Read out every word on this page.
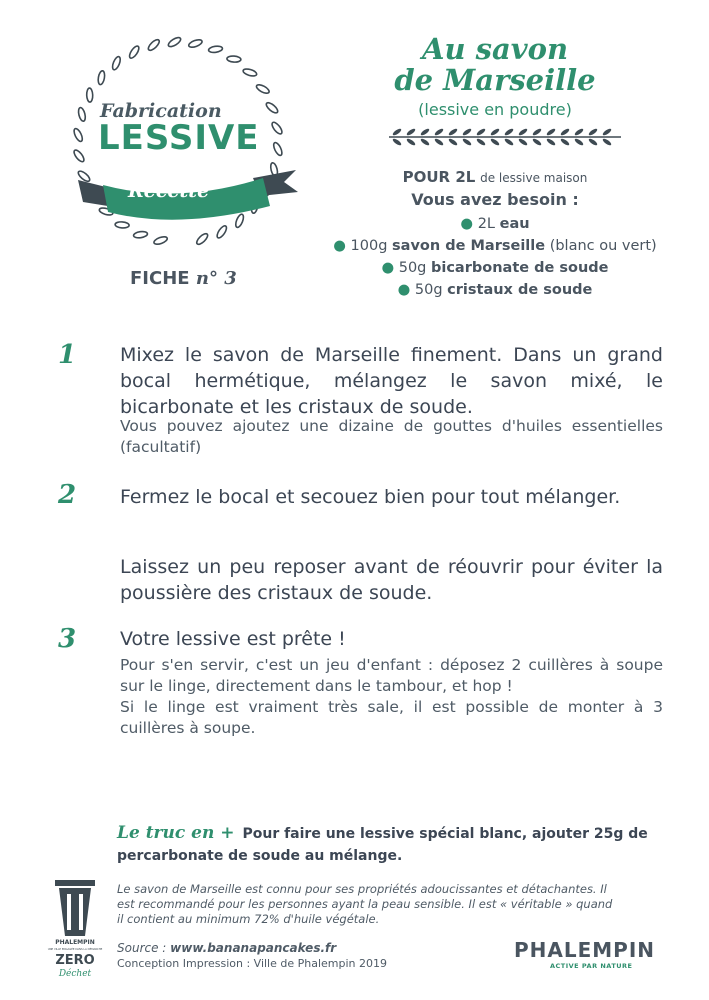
Fabrication
LESSIVE
Recette
FICHE n° 3
Au savon
de Marseille
(lessive en poudre)
POUR 2L de lessive maison
Vous avez besoin :
● 2L eau
● 100g savon de Marseille (blanc ou vert)
● 50g bicarbonate de soude
● 50g cristaux de soude
1 Mixez le savon de Marseille finement. Dans un grand bocal hermétique, mélangez le savon mixé, le bicarbonate et les cristaux de soude.

Vous pouvez ajoutez une dizaine de gouttes d'huiles essentielles (facultatif)

2 Fermez le bocal et secouez bien pour tout mélanger.

Laissez un peu reposer avant de réouvrir pour éviter la poussière des cristaux de soude.

3 Votre lessive est prête !

Pour s'en servir, c'est un jeu d'enfant : déposez 2 cuillères à soupe sur le linge, directement dans le tambour, et hop !

Si le linge est vraiment très sale, il est possible de monter à 3 cuillères à soupe.

Le truc en + Pour faire une lessive spécial blanc, ajouter 25g de percarbonate de soude au mélange.

Le savon de Marseille est connu pour ses propriétés adoucissantes et détachantes. Il est recommandé pour les personnes ayant la peau sensible. Il est « véritable » quand il contient au minimum 72% d'huile végétale.

Source : www.bananapancakes.fr
Conception Impression : Ville de Phalempin 2019
PHALEMPIN
UNE VILLE ENGAGÉE DANS LA DÉMARCHE
ZERO
Déchet
PHALEMPIN
ACTIVE PAR NATURE
